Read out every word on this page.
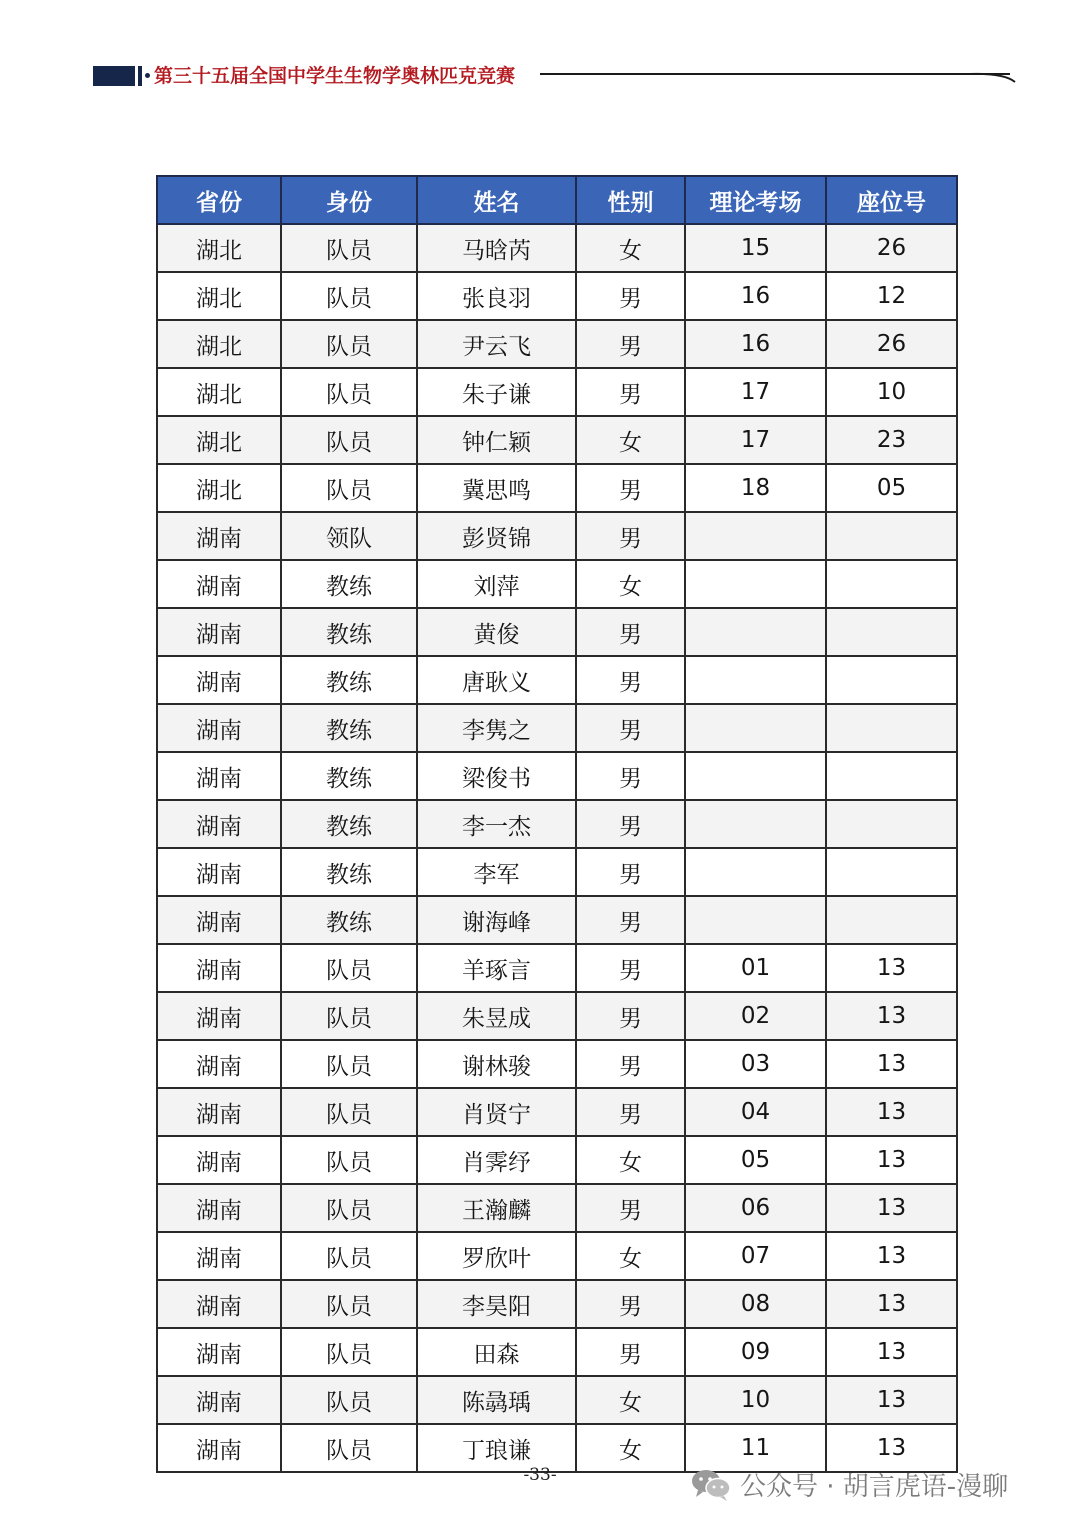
第三十五届全国中学生生物学奥林匹克竞赛
省份	身份	姓名	性别	理论考场	座位号
湖北	队员	马晗芮	女	15	26
湖北	队员	张良羽	男	16	12
湖北	队员	尹云飞	男	16	26
湖北	队员	朱子谦	男	17	10
湖北	队员	钟仁颖	女	17	23
湖北	队员	冀思鸣	男	18	05
湖南	领队	彭贤锦	男		
湖南	教练	刘萍	女		
湖南	教练	黄俊	男		
湖南	教练	唐耿义	男		
湖南	教练	李隽之	男		
湖南	教练	梁俊书	男		
湖南	教练	李一杰	男		
湖南	教练	李军	男		
湖南	教练	谢海峰	男		
湖南	队员	羊琢言	男	01	13
湖南	队员	朱昱成	男	02	13
湖南	队员	谢林骏	男	03	13
湖南	队员	肖贤宁	男	04	13
湖南	队员	肖霁纾	女	05	13
湖南	队员	王瀚麟	男	06	13
湖南	队员	罗欣叶	女	07	13
湖南	队员	李昊阳	男	08	13
湖南	队员	田森	男	09	13
湖南	队员	陈骉瑀	女	10	13
湖南	队员	丁琅谦	女	11	13
-33-	公众号 · 胡言虎语-漫聊
